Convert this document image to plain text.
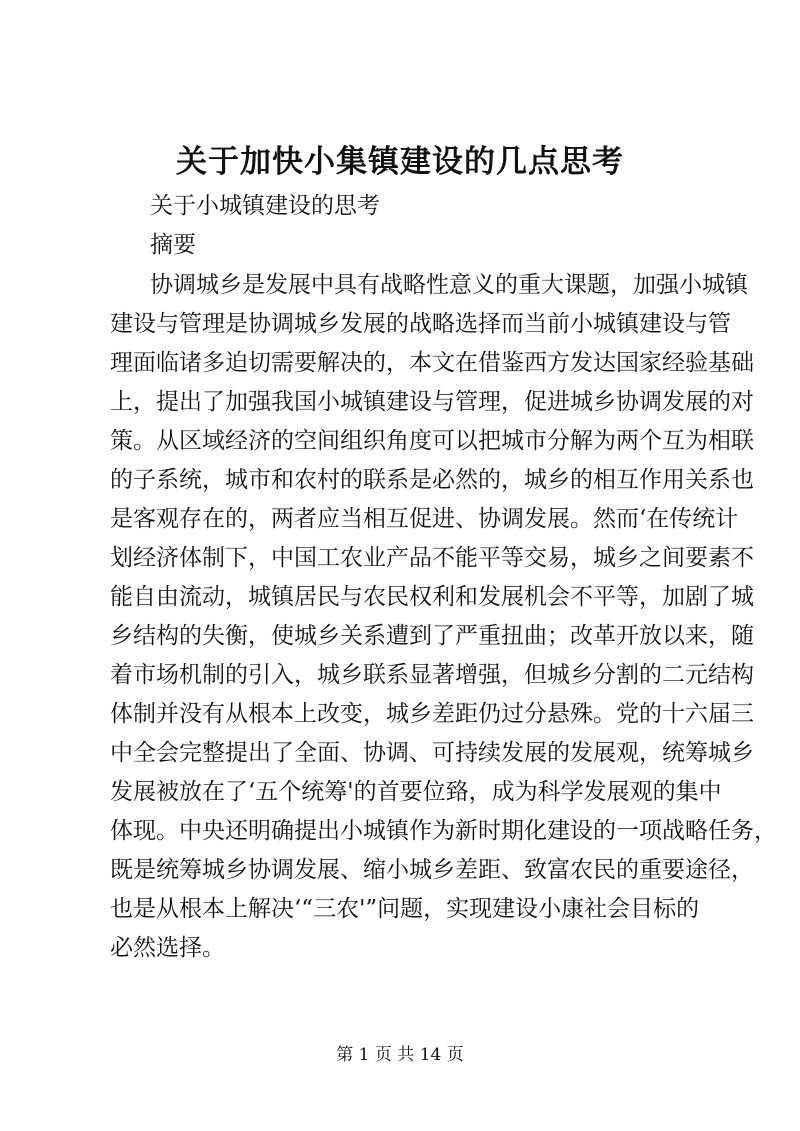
关于加快小集镇建设的几点思考
关于小城镇建设的思考
摘要
协调城乡是发展中具有战略性意义的重大课题，加强小城镇
建设与管理是协调城乡发展的战略选择而当前小城镇建设与管
理面临诸多迫切需要解决的，本文在借鉴西方发达国家经验基础
上，提出了加强我国小城镇建设与管理，促进城乡协调发展的对
策。从区域经济的空间组织角度可以把城市分解为两个互为相联
的子系统，城市和农村的联系是必然的，城乡的相互作用关系也
是客观存在的，两者应当相互促进、协调发展。然而‘在传统计
划经济体制下，中国工农业产品不能平等交易，城乡之间要素不
能自由流动，城镇居民与农民权利和发展机会不平等，加剧了城
乡结构的失衡，使城乡关系遭到了严重扭曲；改革开放以来，随
着市场机制的引入，城乡联系显著增强，但城乡分割的二元结构
体制并没有从根本上改变，城乡差距仍过分悬殊。党的十六届三
中全会完整提出了全面、协调、可持续发展的发展观，统筹城乡
发展被放在了‘五个统筹'的首要位臵，成为科学发展观的集中
体现。中央还明确提出小城镇作为新时期化建设的一项战略任务，
既是统筹城乡协调发展、缩小城乡差距、致富农民的重要途径，
也是从根本上解决‘“三农'”问题，实现建设小康社会目标的
必然选择。
第 1 页 共 14 页
